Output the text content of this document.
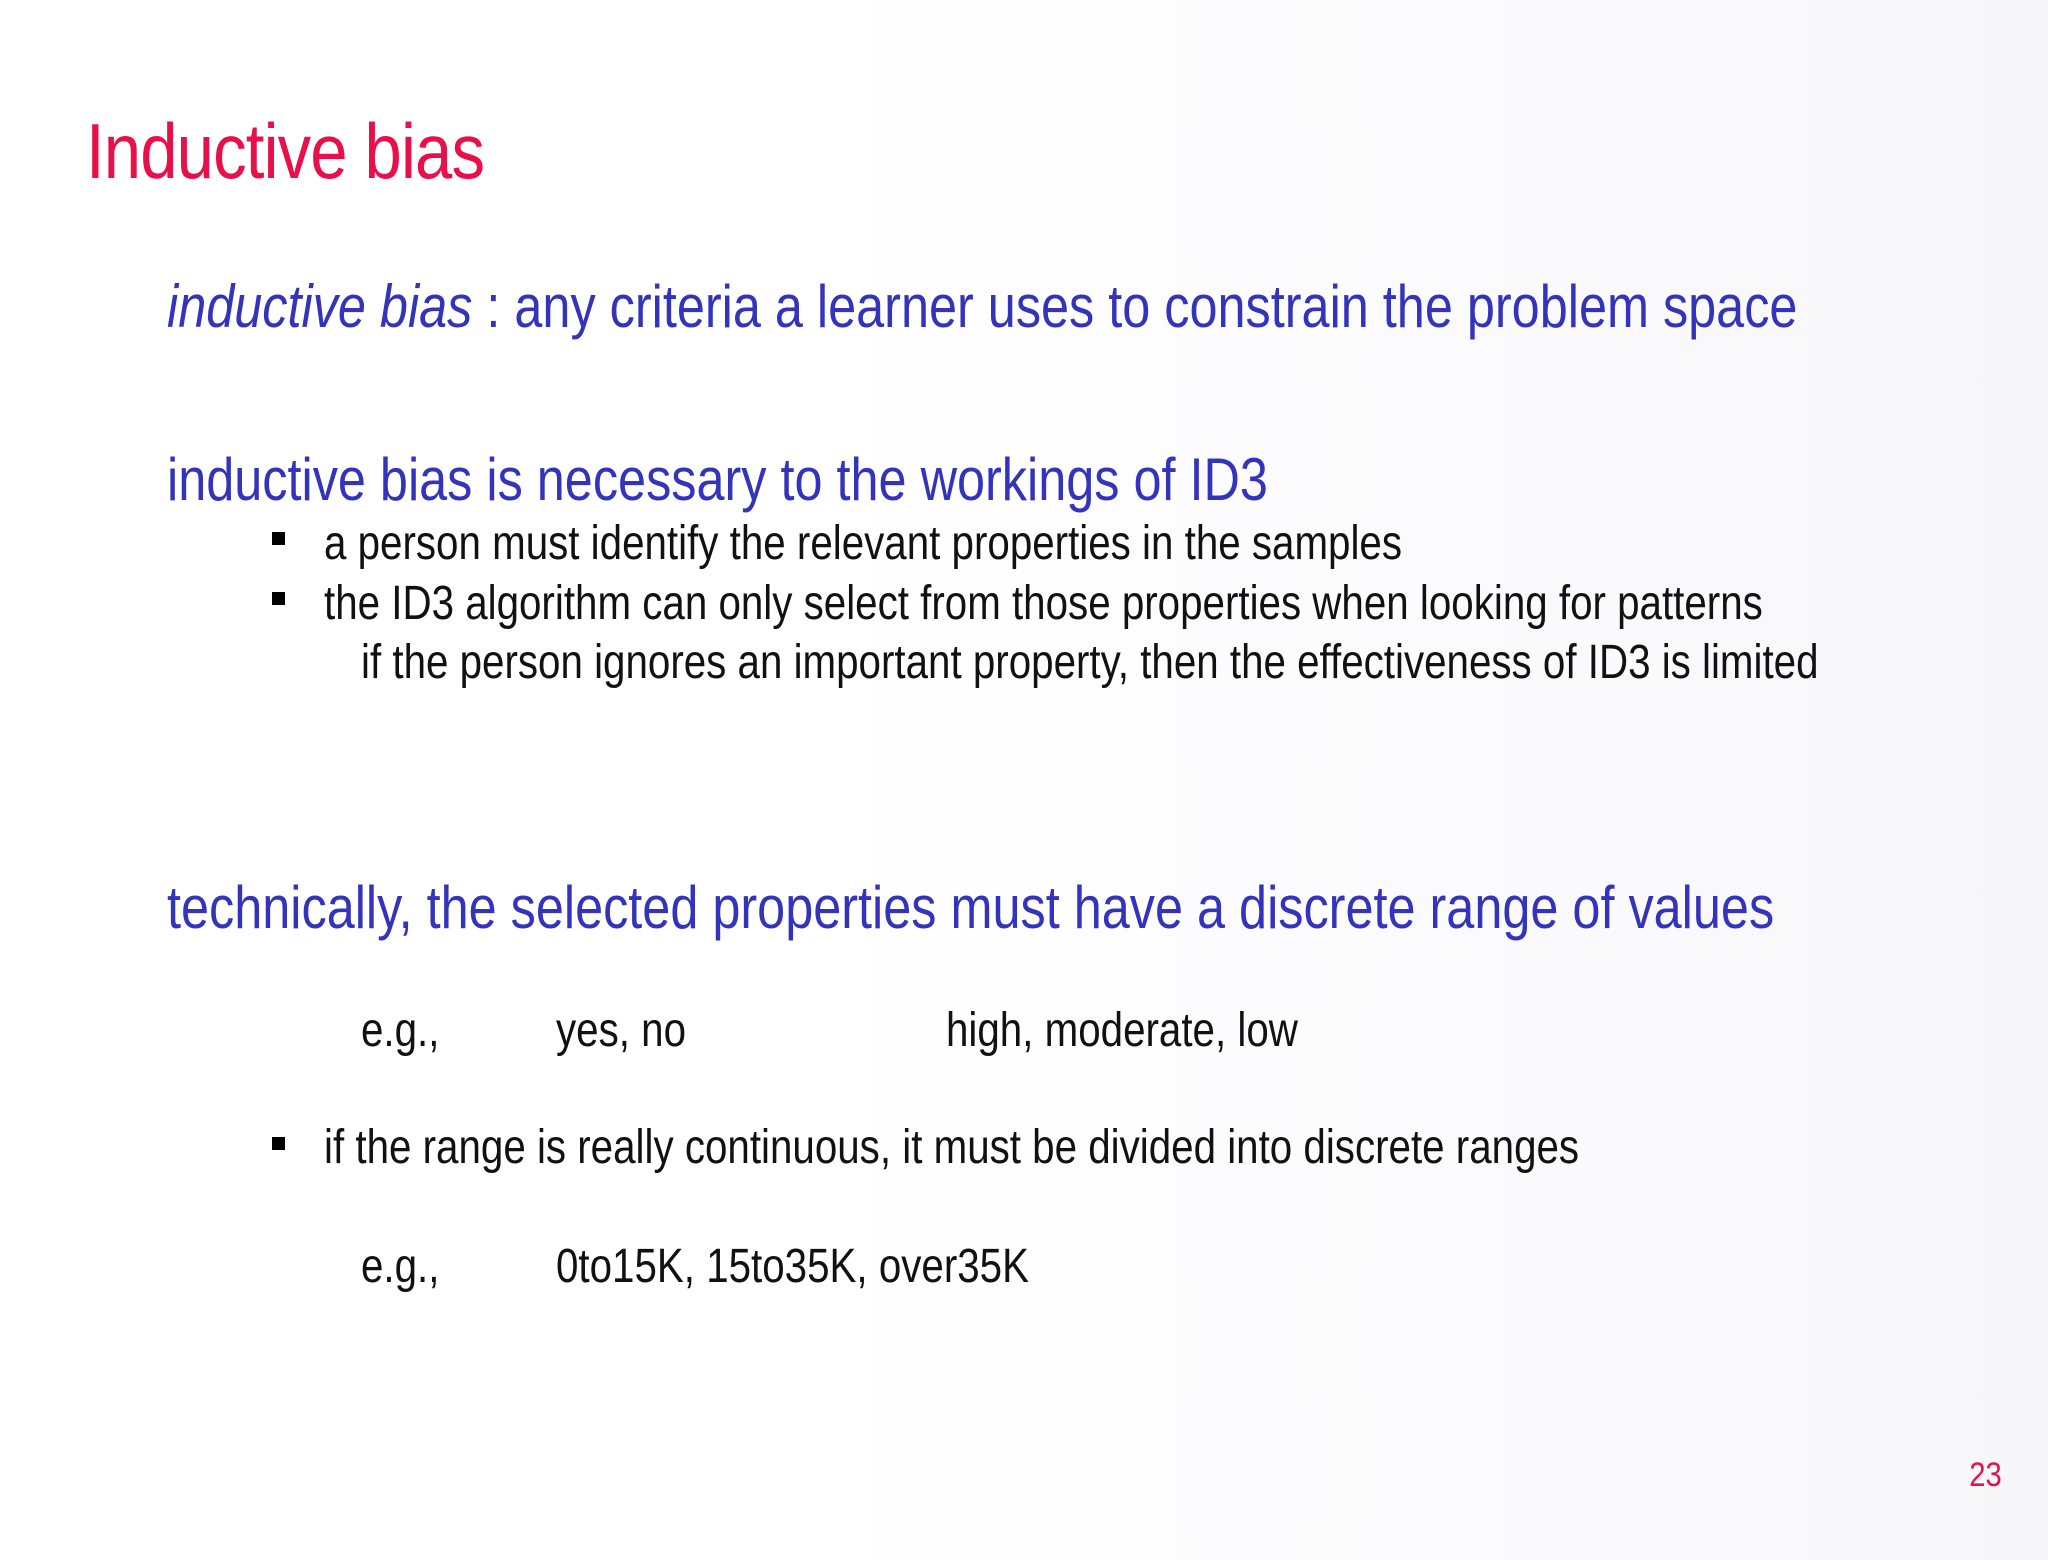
Inductive bias
inductive bias : any criteria a learner uses to constrain the problem space
inductive bias is necessary to the workings of ID3
a person must identify the relevant properties in the samples
the ID3 algorithm can only select from those properties when looking for patterns
if the person ignores an important property, then the effectiveness of ID3 is limited
technically, the selected properties must have a discrete range of values
e.g., yes, no	high, moderate, low
if the range is really continuous, it must be divided into discrete ranges
e.g., 0to15K, 15to35K, over35K
23
